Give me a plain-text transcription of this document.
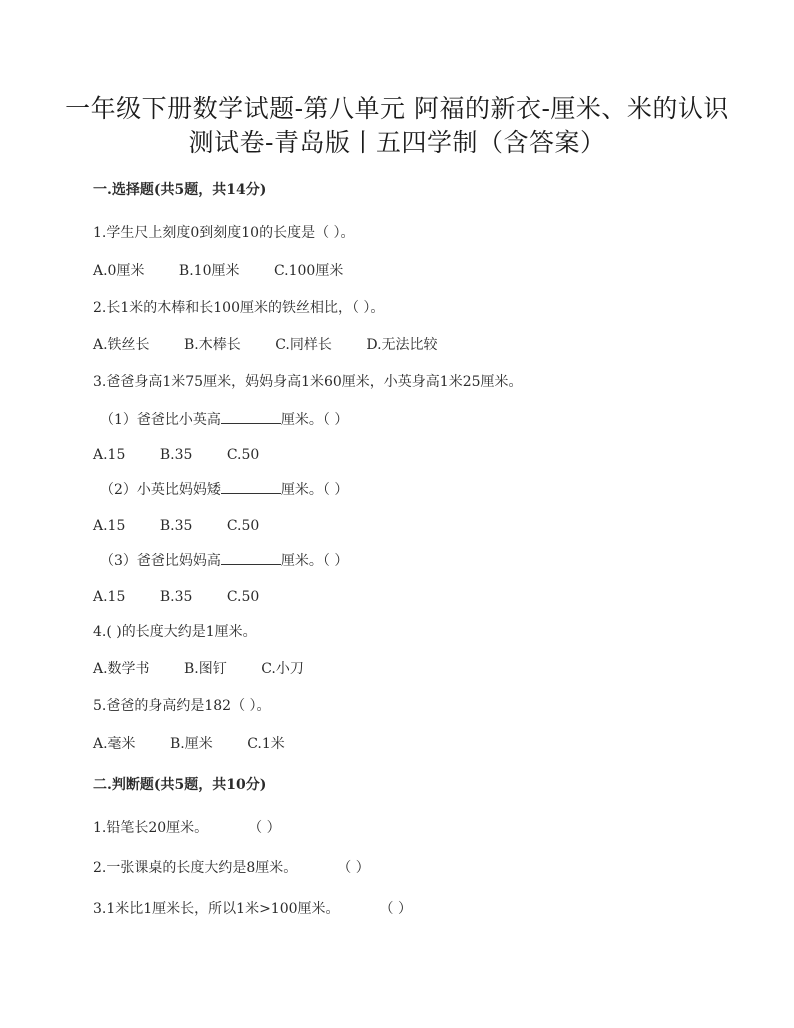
一年级下册数学试题-第八单元 阿福的新衣-厘米、米的认识
测试卷-青岛版丨五四学制（含答案）
一.选择题(共5题，共14分)
1.学生尺上刻度0到刻度10的长度是（ ）。
A.0厘米 B.10厘米 C.100厘米
2.长1米的木棒和长100厘米的铁丝相比，（ ）。
A.铁丝长 B.木棒长 C.同样长 D.无法比较
3.爸爸身高1米75厘米，妈妈身高1米60厘米，小英身高1米25厘米。
（1）爸爸比小英高	厘米。（ ）
A.15 B.35 C.50
（2）小英比妈妈矮	厘米。（ ）
A.15 B.35 C.50
（3）爸爸比妈妈高	厘米。（ ）
A.15 B.35 C.50
4.( )的长度大约是1厘米。
A.数学书 B.图钉 C.小刀
5.爸爸的身高约是182（ ）。
A.毫米 B.厘米 C.1米
二.判断题(共5题，共10分)
1.铅笔长20厘米。	（ ）
2.一张课桌的长度大约是8厘米。	（ ）
3.1米比1厘米长，所以1米>100厘米。	（ ）
